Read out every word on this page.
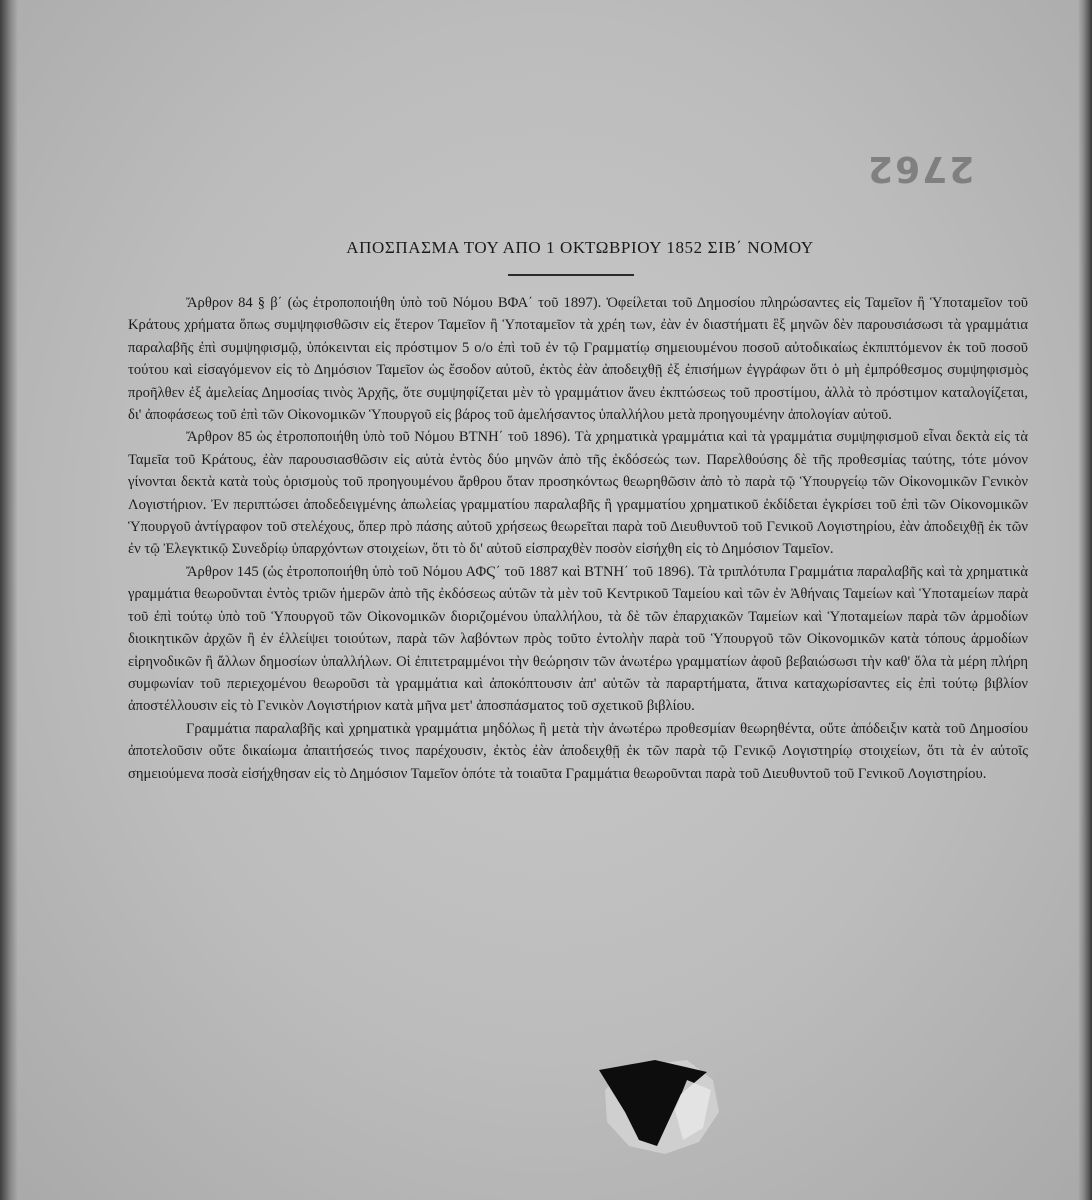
2762
ΑΠΟΣΠΑΣΜΑ ΤΟΥ ΑΠΟ 1 ΟΚΤΩΒΡΙΟΥ 1852 ΣΙΒ΄ ΝΟΜΟΥ

Ἄρθρον 84 § β΄ (ὡς ἐτροποποιήθη ὑπὸ τοῦ Νόμου ΒΦΑ΄ τοῦ 1897). Ὀφείλεται τοῦ Δημοσίου πληρώσαντες εἰς Ταμεῖον ἢ Ὑποταμεῖον τοῦ Κράτους χρήματα ὅπως συμψηφισθῶσιν εἰς ἕτερον Ταμεῖον ἢ Ὑποταμεῖον τὰ χρέη των, ἐὰν ἐν διαστήματι ἓξ μηνῶν δὲν παρουσιάσωσι τὰ γραμμάτια παραλαβῆς ἐπὶ συμψηφισμῷ, ὑπόκεινται εἰς πρόστιμον 5 ο/ο ἐπὶ τοῦ ἐν τῷ Γραμματίῳ σημειουμένου ποσοῦ αὐτοδικαίως ἐκπιπτόμενον ἐκ τοῦ ποσοῦ τούτου καὶ εἰσαγόμενον εἰς τὸ Δημόσιον Ταμεῖον ὡς ἔσοδον αὐτοῦ, ἐκτὸς ἐὰν ἀποδειχθῇ ἐξ ἐπισήμων ἐγγράφων ὅτι ὁ μὴ ἐμπρόθεσμος συμψηφισμὸς προῆλθεν ἐξ ἀμελείας Δημοσίας τινὸς Ἀρχῆς, ὅτε συμψηφίζεται μὲν τὸ γραμμάτιον ἄνευ ἐκπτώσεως τοῦ προστίμου, ἀλλὰ τὸ πρόστιμον καταλογίζεται, δι' ἀποφάσεως τοῦ ἐπὶ τῶν Οἰκονομικῶν Ὑπουργοῦ εἰς βάρος τοῦ ἀμελήσαντος ὑπαλλήλου μετὰ προηγουμένην ἀπολογίαν αὐτοῦ.

Ἄρθρον 85 ὡς ἐτροποποιήθη ὑπὸ τοῦ Νόμου ΒΤΝΗ΄ τοῦ 1896). Τὰ χρηματικὰ γραμμάτια καὶ τὰ γραμμάτια συμψηφισμοῦ εἶναι δεκτὰ εἰς τὰ Ταμεῖα τοῦ Κράτους, ἐὰν παρουσιασθῶσιν εἰς αὐτὰ ἐντὸς δύο μηνῶν ἀπὸ τῆς ἐκδόσεώς των. Παρελθούσης δὲ τῆς προθεσμίας ταύτης, τότε μόνον γίνονται δεκτὰ κατὰ τοὺς ὁρισμοὺς τοῦ προηγουμένου ἄρθρου ὅταν προσηκόντως θεωρηθῶσιν ἀπὸ τὸ παρὰ τῷ Ὑπουργείῳ τῶν Οἰκονομικῶν Γενικὸν Λογιστήριον. Ἐν περιπτώσει ἀποδεδειγμένης ἀπωλείας γραμματίου παραλαβῆς ἢ γραμματίου χρηματικοῦ ἐκδίδεται ἐγκρίσει τοῦ ἐπὶ τῶν Οἰκονομικῶν Ὑπουργοῦ ἀντίγραφον τοῦ στελέχους, ὅπερ πρὸ πάσης αὐτοῦ χρήσεως θεωρεῖται παρὰ τοῦ Διευθυντοῦ τοῦ Γενικοῦ Λογιστηρίου, ἐὰν ἀποδειχθῇ ἐκ τῶν ἐν τῷ Ἐλεγκτικῷ Συνεδρίῳ ὑπαρχόντων στοιχείων, ὅτι τὸ δι' αὐτοῦ εἰσπραχθὲν ποσὸν εἰσήχθη εἰς τὸ Δημόσιον Ταμεῖον.

Ἄρθρον 145 (ὡς ἐτροποποιήθη ὑπὸ τοῦ Νόμου ΑΦϚ΄ τοῦ 1887 καὶ ΒΤΝΗ΄ τοῦ 1896). Τὰ τριπλότυπα Γραμμάτια παραλαβῆς καὶ τὰ χρηματικὰ γραμμάτια θεωροῦνται ἐντὸς τριῶν ἡμερῶν ἀπὸ τῆς ἐκδόσεως αὐτῶν τὰ μὲν τοῦ Κεντρικοῦ Ταμείου καὶ τῶν ἐν Ἀθήναις Ταμείων καὶ Ὑποταμείων παρὰ τοῦ ἐπὶ τούτῳ ὑπὸ τοῦ Ὑπουργοῦ τῶν Οἰκονομικῶν διοριζομένου ὑπαλλήλου, τὰ δὲ τῶν ἐπαρχιακῶν Ταμείων καὶ Ὑποταμείων παρὰ τῶν ἁρμοδίων διοικητικῶν ἀρχῶν ἢ ἐν ἐλλείψει τοιούτων, παρὰ τῶν λαβόντων πρὸς τοῦτο ἐντολὴν παρὰ τοῦ Ὑπουργοῦ τῶν Οἰκονομικῶν κατὰ τόπους ἁρμοδίων εἰρηνοδικῶν ἢ ἄλλων δημοσίων ὑπαλλήλων. Οἱ ἐπιτετραμμένοι τὴν θεώρησιν τῶν ἀνωτέρω γραμματίων ἀφοῦ βεβαιώσωσι τὴν καθ' ὅλα τὰ μέρη πλήρη συμφωνίαν τοῦ περιεχομένου θεωροῦσι τὰ γραμμάτια καὶ ἀποκόπτουσιν ἀπ' αὐτῶν τὰ παραρτήματα, ἅτινα καταχωρίσαντες εἰς ἐπὶ τούτῳ βιβλίον ἀποστέλλουσιν εἰς τὸ Γενικὸν Λογιστήριον κατὰ μῆνα μετ' ἀποσπάσματος τοῦ σχετικοῦ βιβλίου.

Γραμμάτια παραλαβῆς καὶ χρηματικὰ γραμμάτια μηδόλως ἢ μετὰ τὴν ἀνωτέρω προθεσμίαν θεωρηθέντα, οὔτε ἀπόδειξιν κατὰ τοῦ Δημοσίου ἀποτελοῦσιν οὔτε δικαίωμα ἀπαιτήσεώς τινος παρέχουσιν, ἐκτὸς ἐὰν ἀποδειχθῇ ἐκ τῶν παρὰ τῷ Γενικῷ Λογιστηρίῳ στοιχείων, ὅτι τὰ ἐν αὐτοῖς σημειούμενα ποσὰ εἰσήχθησαν εἰς τὸ Δημόσιον Ταμεῖον ὁπότε τὰ τοιαῦτα Γραμμάτια θεωροῦνται παρὰ τοῦ Διευθυντοῦ τοῦ Γενικοῦ Λογιστηρίου.
